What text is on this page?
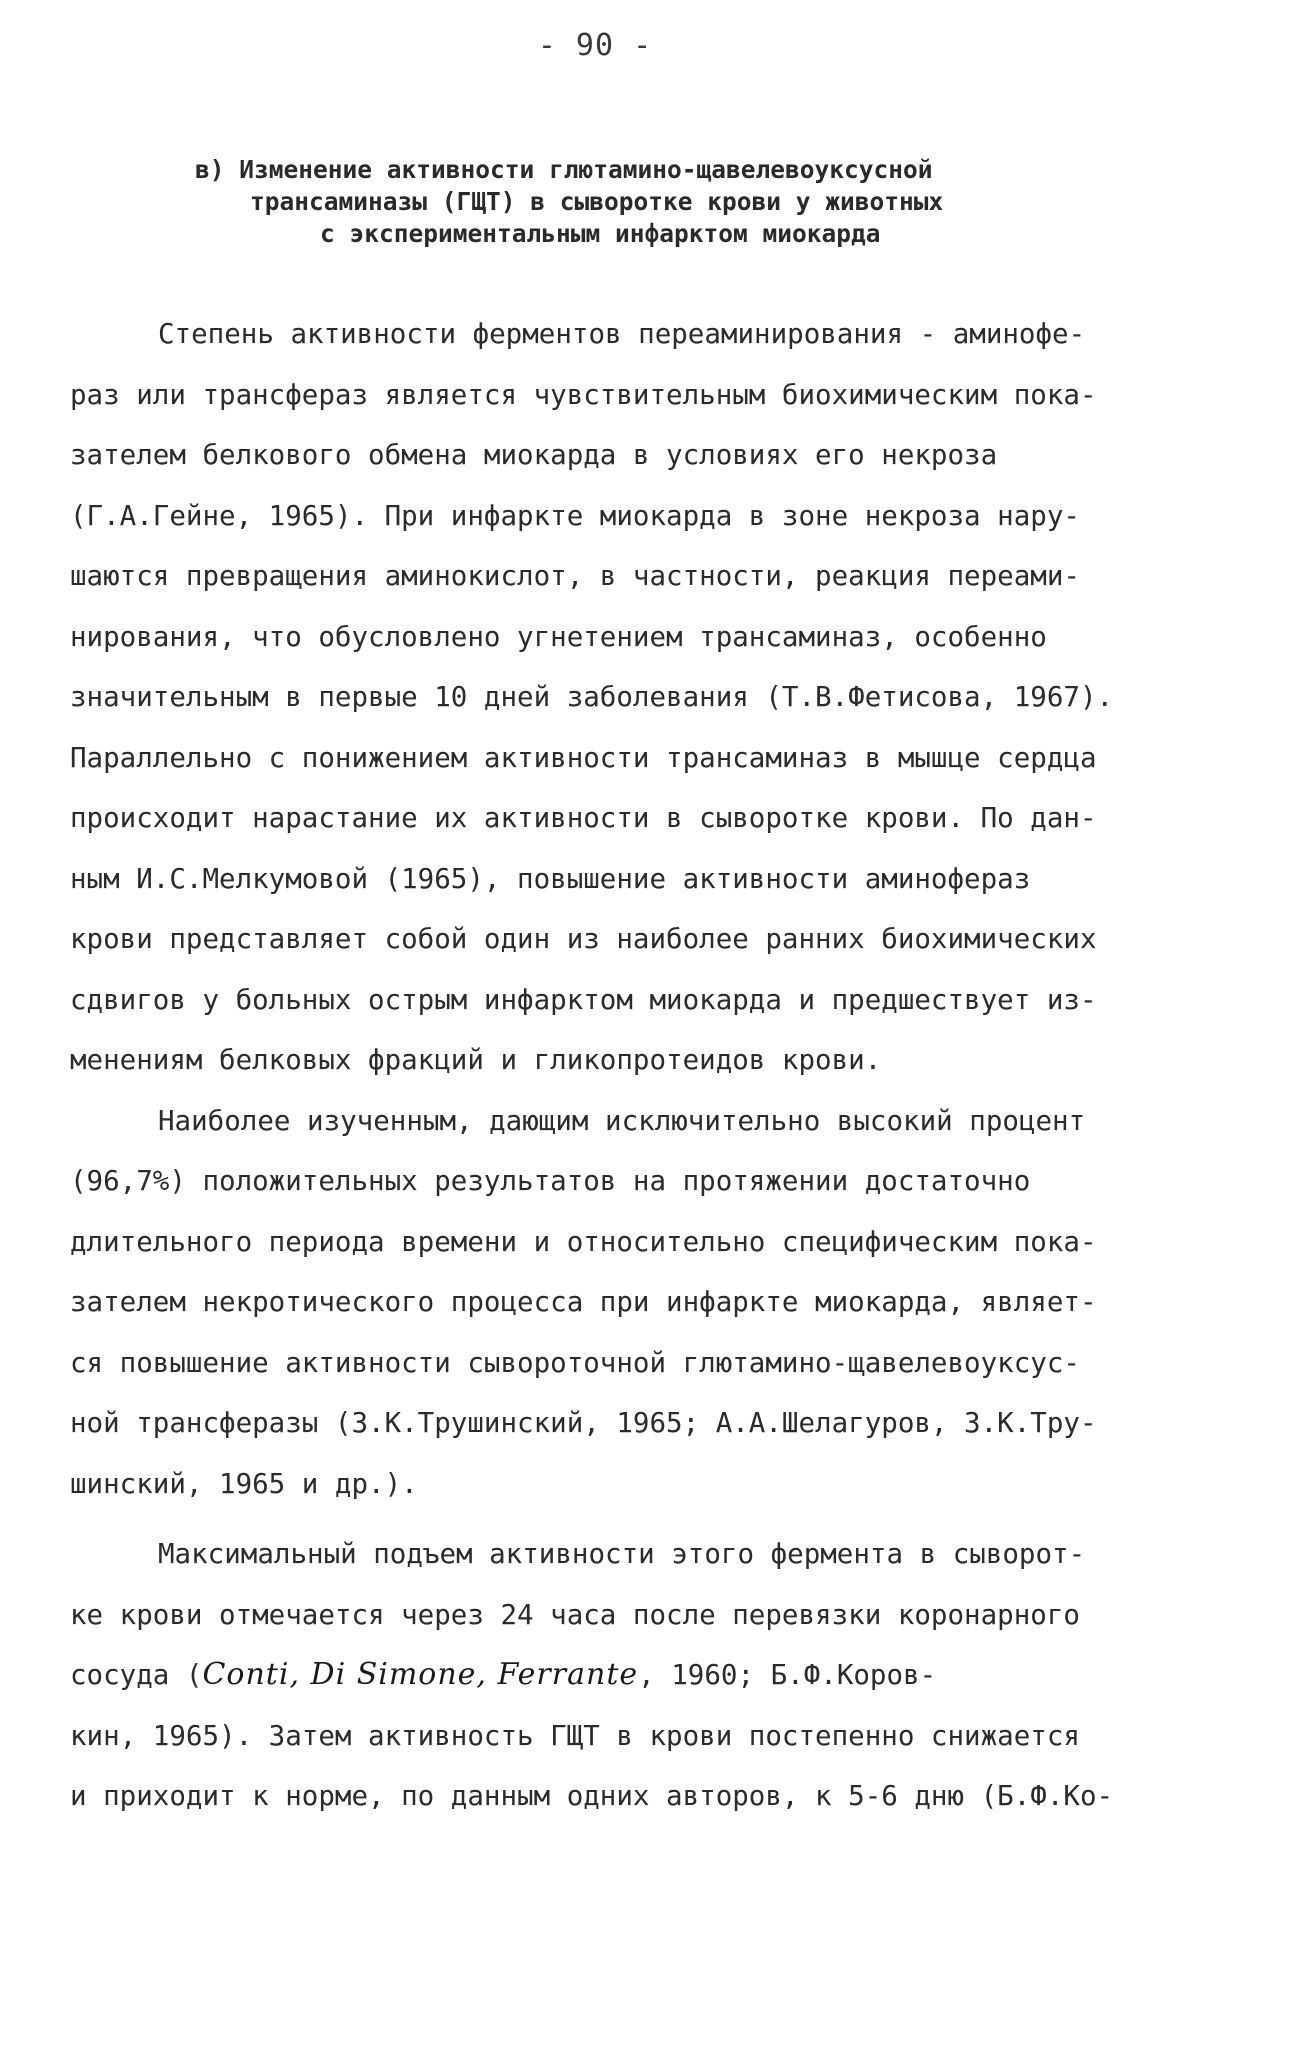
- 90 -
в) Изменение активности глютамино-щавелевоуксусной
трансаминазы (ГЩТ) в сыворотке крови у животных
с экспериментальным инфарктом миокарда
Степень активности ферментов переаминирования - аминофе-
раз или трансфераз является чувствительным биохимическим пока-
зателем белкового обмена миокарда в условиях его некроза
(Г.А.Гейне, 1965). При инфаркте миокарда в зоне некроза нару-
шаются превращения аминокислот, в частности, реакция переами-
нирования, что обусловлено угнетением трансаминаз, особенно
значительным в первые 10 дней заболевания (Т.В.Фетисова, 1967).
Параллельно с понижением активности трансаминаз в мышце сердца
происходит нарастание их активности в сыворотке крови. По дан-
ным И.С.Мелкумовой (1965), повышение активности аминофераз
крови представляет собой один из наиболее ранних биохимических
сдвигов у больных острым инфарктом миокарда и предшествует из-
менениям белковых фракций и гликопротеидов крови.
Наиболее изученным, дающим исключительно высокий процент
(96,7%) положительных результатов на протяжении достаточно
длительного периода времени и относительно специфическим пока-
зателем некротического процесса при инфаркте миокарда, являет-
ся повышение активности сывороточной глютамино-щавелевоуксус-
ной трансферазы (З.К.Трушинский, 1965; А.А.Шелагуров, З.К.Тру-
шинский, 1965 и др.).
Максимальный подъем активности этого фермента в сыворот-
ке крови отмечается через 24 часа после перевязки коронарного
сосуда (Conti, Di Simone, Ferrante, 1960; Б.Ф.Коров-
кин, 1965). Затем активность ГЩТ в крови постепенно снижается
и приходит к норме, по данным одних авторов, к 5-6 дню (Б.Ф.Ко-
